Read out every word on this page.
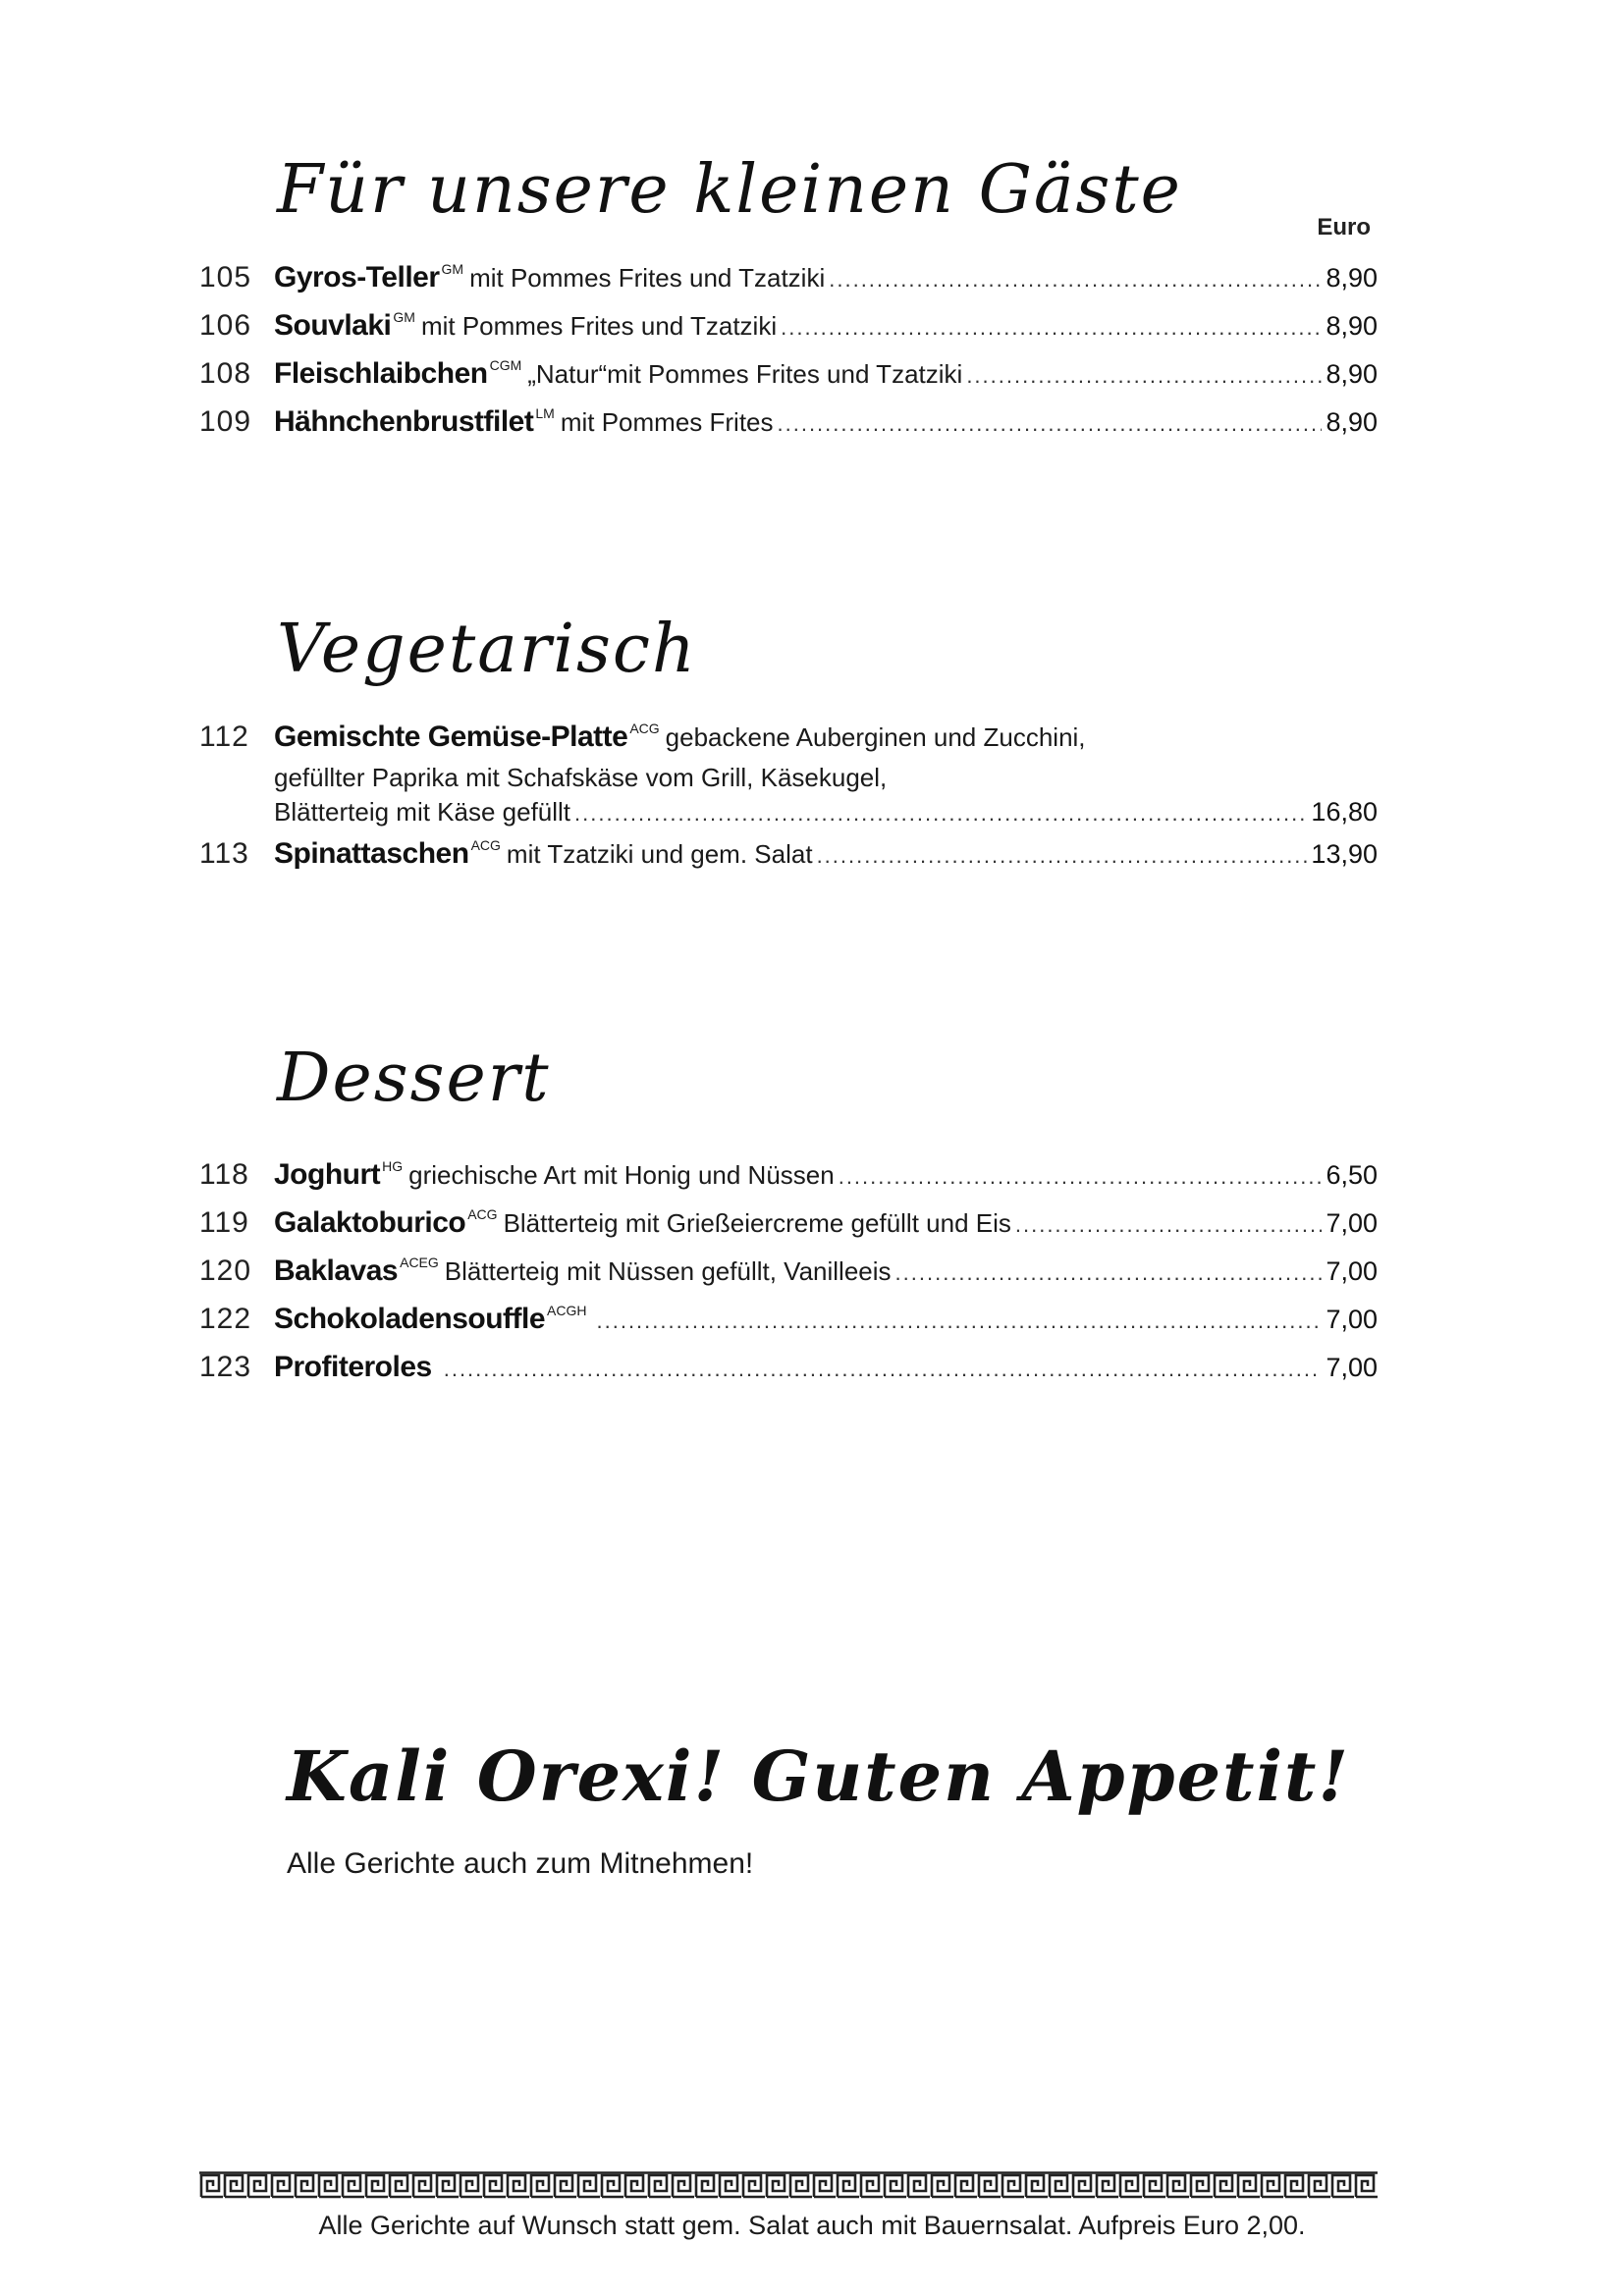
Für unsere kleinen Gäste	Euro
105 Gyros-Teller GM mit Pommes Frites und Tzatziki .....	8,90
106 Souvlaki GM mit Pommes Frites und Tzatziki .....	8,90
108 Fleischlaibchen CGM „Natur“mit Pommes Frites und Tzatziki .....	8,90
109 Hähnchenbrustfilet LM mit Pommes Frites .....	8,90
Vegetarisch
112 Gemischte Gemüse-Platte ACG gebackene Auberginen und Zucchini,
gefüllter Paprika mit Schafskäse vom Grill, Käsekugel,
Blätterteig mit Käse gefüllt .....	16,80
113 Spinattaschen ACG mit Tzatziki und gem. Salat .....	13,90
Dessert
118 Joghurt HG griechische Art mit Honig und Nüssen .....	6,50
119 Galaktoburico ACG Blätterteig mit Grießeiercreme gefüllt und Eis .....	7,00
120 Baklavas ACEG Blätterteig mit Nüssen gefüllt, Vanilleeis .....	7,00
122 Schokoladensouffle ACGH .....	7,00
123 Profiteroles .....	7,00
Kali Orexi! Guten Appetit!
Alle Gerichte auch zum Mitnehmen!
Alle Gerichte auf Wunsch statt gem. Salat auch mit Bauernsalat. Aufpreis Euro 2,00.
